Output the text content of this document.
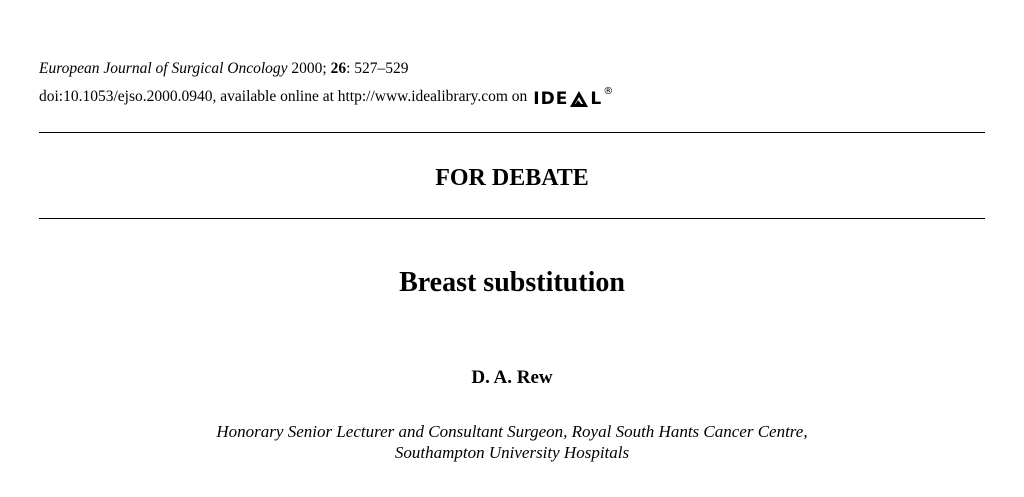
European Journal of Surgical Oncology 2000; 26: 527–529
doi:10.1053/ejso.2000.0940, available online at http://www.idealibrary.com on IDE L ®
FOR DEBATE
Breast substitution
D. A. Rew
Honorary Senior Lecturer and Consultant Surgeon, Royal South Hants Cancer Centre,
Southampton University Hospitals
